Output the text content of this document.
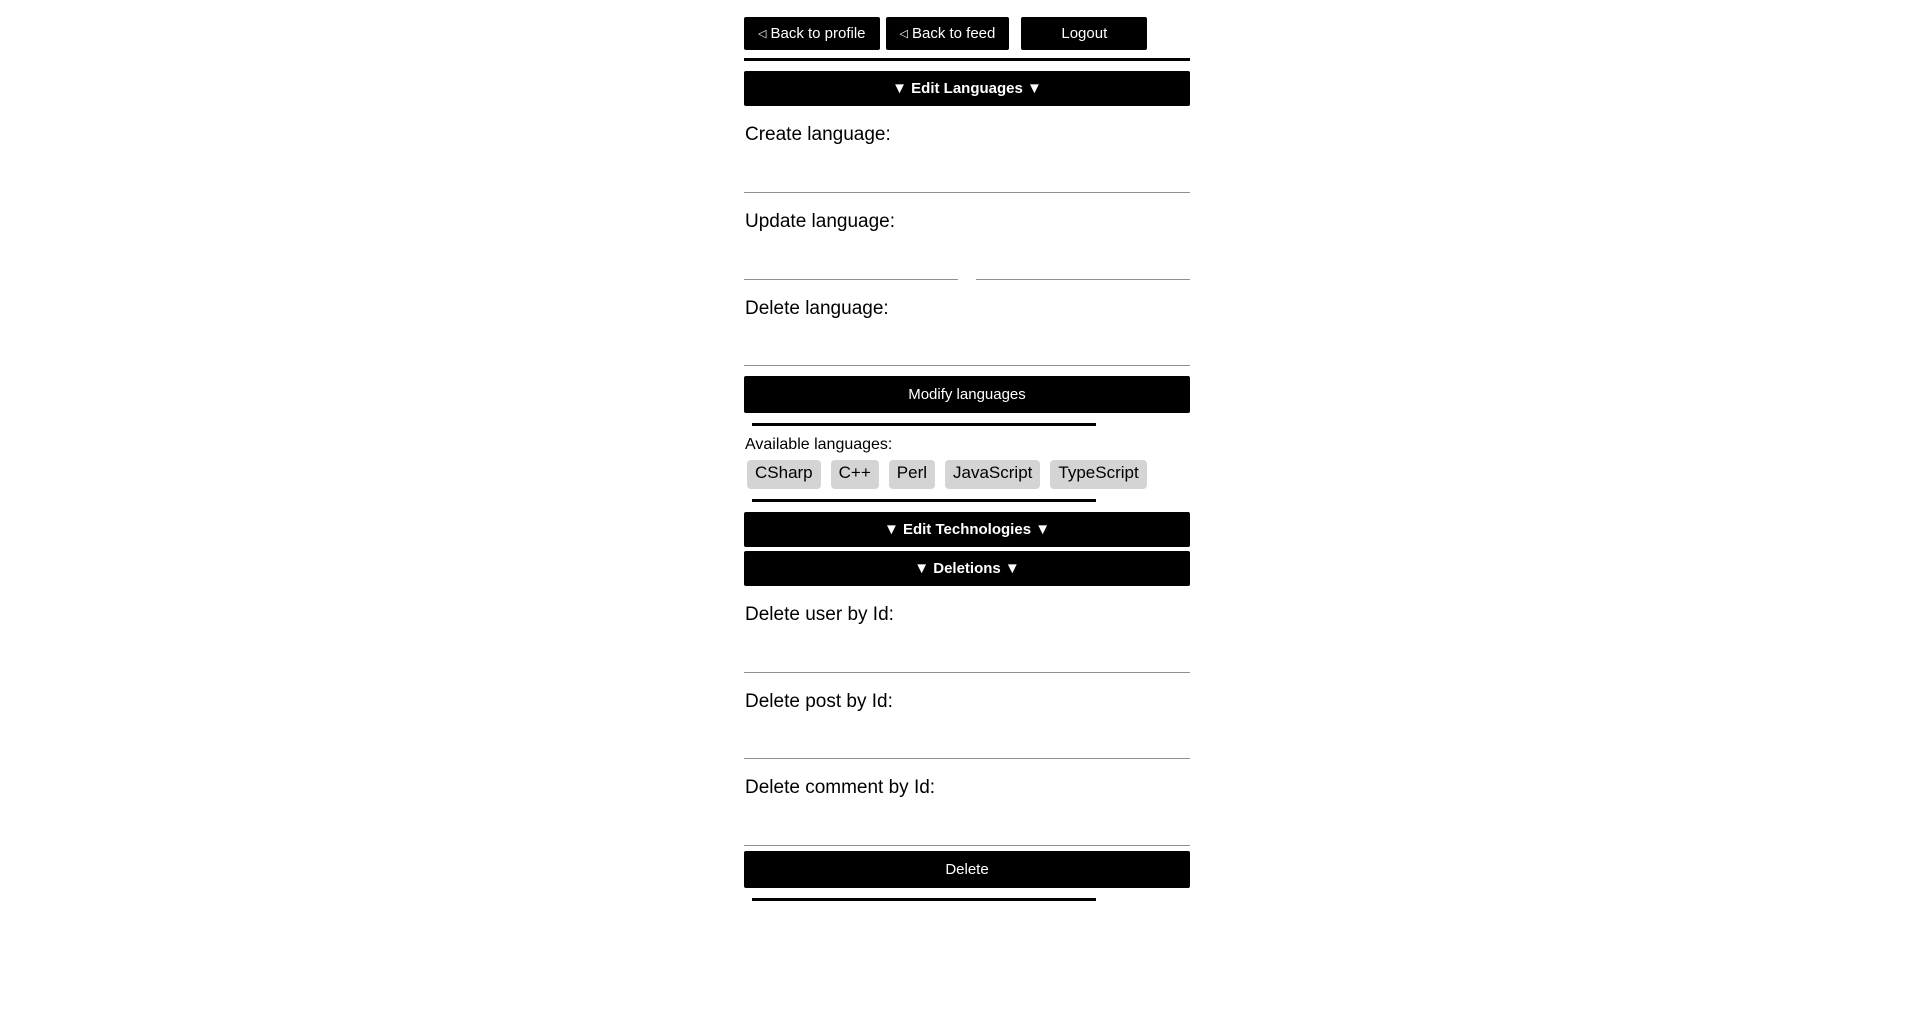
◁ Back to profile	◁ Back to feed	Logout
▼ Edit Languages ▼
Create language:
Update language:
Delete language:
Modify languages
Available languages:
CSharp	C++	Perl	JavaScript	TypeScript
▼ Edit Technologies ▼
▼ Deletions ▼
Delete user by Id:
Delete post by Id:
Delete comment by Id:
Delete
